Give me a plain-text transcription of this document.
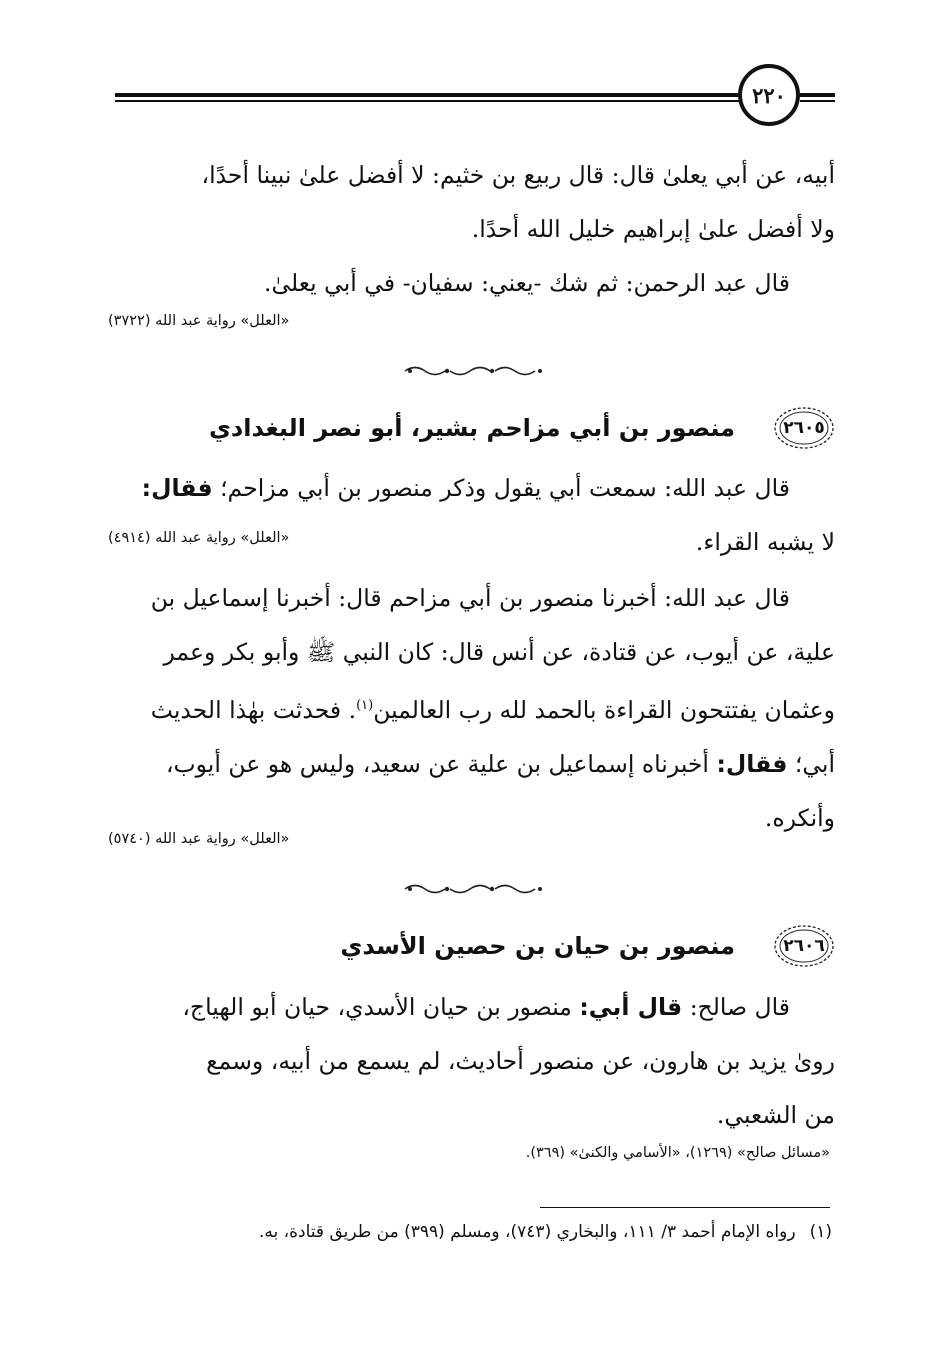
٢٢٠
أبيه، عن أبي يعلىٰ قال: قال ربيع بن خثيم: لا أفضل علىٰ نبينا أحدًا،
ولا أفضل علىٰ إبراهيم خليل الله أحدًا.
قال عبد الرحمن: ثم شك -يعني: سفيان- في أبي يعلىٰ.
«العلل» رواية عبد الله (٣٧٢٢)
٢٦٠٥
منصور بن أبي مزاحم بشير، أبو نصر البغدادي
قال عبد الله: سمعت أبي يقول وذكر منصور بن أبي مزاحم؛ فقال:
لا يشبه القراء.
«العلل» رواية عبد الله (٤٩١٤)
قال عبد الله: أخبرنا منصور بن أبي مزاحم قال: أخبرنا إسماعيل بن
علية، عن أيوب، عن قتادة، عن أنس قال: كان النبي ﷺ وأبو بكر وعمر
وعثمان يفتتحون القراءة بالحمد لله رب العالمين$^{(١)}$. فحدثت بهٰذا الحديث
أبي؛ فقال: أخبرناه إسماعيل بن علية عن سعيد، وليس هو عن أيوب،
وأنكره.
«العلل» رواية عبد الله (٥٧٤٠)
٢٦٠٦
منصور بن حيان بن حصين الأسدي
قال صالح: قال أبي: منصور بن حيان الأسدي، حيان أبو الهياج،
رویٰ يزيد بن هارون، عن منصور أحاديث، لم يسمع من أبيه، وسمع
من الشعبي.
«مسائل صالح» (١٢٦٩)، «الأسامي والكنىٰ» (٣٦٩).
(١)رواه الإمام أحمد ٣/ ١١١، والبخاري (٧٤٣)، ومسلم (٣٩٩) من طريق قتادة، به.
